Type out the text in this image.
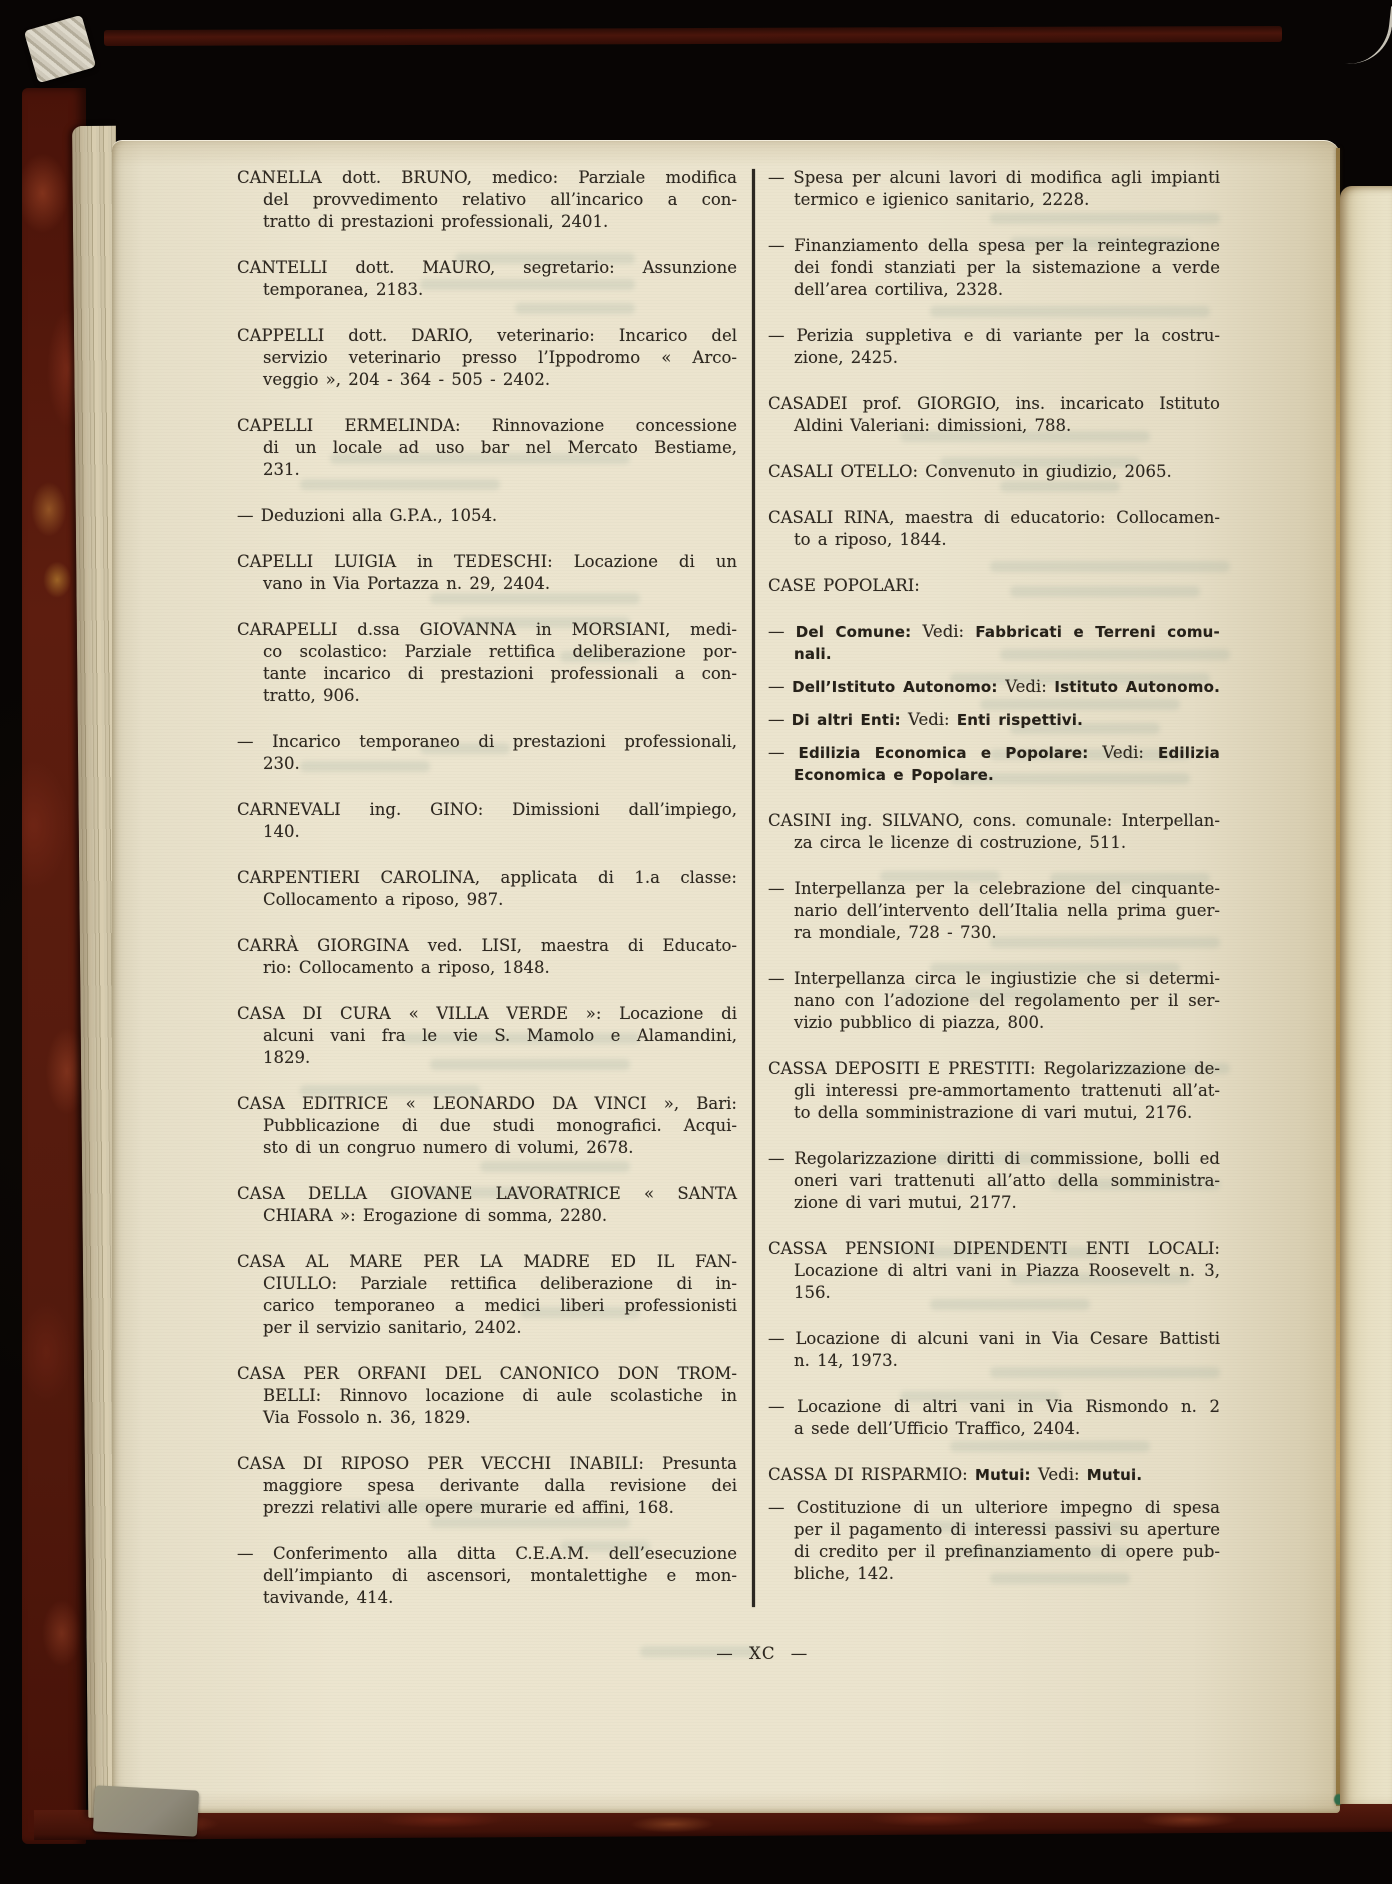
CANELLA dott. BRUNO, medico: Parziale modifica
del provvedimento relativo all’incarico a con-
tratto di prestazioni professionali, 2401.
CANTELLI dott. MAURO, segretario: Assunzione
temporanea, 2183.
CAPPELLI dott. DARIO, veterinario: Incarico del
servizio veterinario presso l’Ippodromo « Arco-
veggio », 204 - 364 - 505 - 2402.
CAPELLI ERMELINDA: Rinnovazione concessione
di un locale ad uso bar nel Mercato Bestiame,
231.
— Deduzioni alla G.P.A., 1054.
CAPELLI LUIGIA in TEDESCHI: Locazione di un
vano in Via Portazza n. 29, 2404.
CARAPELLI d.ssa GIOVANNA in MORSIANI, medi-
co scolastico: Parziale rettifica deliberazione por-
tante incarico di prestazioni professionali a con-
tratto, 906.
— Incarico temporaneo di prestazioni professionali,
230.
CARNEVALI ing. GINO: Dimissioni dall’impiego,
140.
CARPENTIERI CAROLINA, applicata di 1.a classe:
Collocamento a riposo, 987.
CARRÀ GIORGINA ved. LISI, maestra di Educato-
rio: Collocamento a riposo, 1848.
CASA DI CURA « VILLA VERDE »: Locazione di
alcuni vani fra le vie S. Mamolo e Alamandini,
1829.
CASA EDITRICE « LEONARDO DA VINCI », Bari:
Pubblicazione di due studi monografici. Acqui-
sto di un congruo numero di volumi, 2678.
CASA DELLA GIOVANE LAVORATRICE « SANTA
CHIARA »: Erogazione di somma, 2280.
CASA AL MARE PER LA MADRE ED IL FAN-
CIULLO: Parziale rettifica deliberazione di in-
carico temporaneo a medici liberi professionisti
per il servizio sanitario, 2402.
CASA PER ORFANI DEL CANONICO DON TROM-
BELLI: Rinnovo locazione di aule scolastiche in
Via Fossolo n. 36, 1829.
CASA DI RIPOSO PER VECCHI INABILI: Presunta
maggiore spesa derivante dalla revisione dei
prezzi relativi alle opere murarie ed affini, 168.
— Conferimento alla ditta C.E.A.M. dell’esecuzione
dell’impianto di ascensori, montalettighe e mon-
tavivande, 414.
— Spesa per alcuni lavori di modifica agli impianti
termico e igienico sanitario, 2228.
— Finanziamento della spesa per la reintegrazione
dei fondi stanziati per la sistemazione a verde
dell’area cortiliva, 2328.
— Perizia suppletiva e di variante per la costru-
zione, 2425.
CASADEI prof. GIORGIO, ins. incaricato Istituto
Aldini Valeriani: dimissioni, 788.
CASALI OTELLO: Convenuto in giudizio, 2065.
CASALI RINA, maestra di educatorio: Collocamen-
to a riposo, 1844.
CASE POPOLARI:
— Del Comune: Vedi: Fabbricati e Terreni comu-
nali.
— Dell’Istituto Autonomo: Vedi: Istituto Autonomo.
— Di altri Enti: Vedi: Enti rispettivi.
— Edilizia Economica e Popolare: Vedi: Edilizia
Economica e Popolare.
CASINI ing. SILVANO, cons. comunale: Interpellan-
za circa le licenze di costruzione, 511.
— Interpellanza per la celebrazione del cinquante-
nario dell’intervento dell’Italia nella prima guer-
ra mondiale, 728 - 730.
— Interpellanza circa le ingiustizie che si determi-
nano con l’adozione del regolamento per il ser-
vizio pubblico di piazza, 800.
CASSA DEPOSITI E PRESTITI: Regolarizzazione de-
gli interessi pre-ammortamento trattenuti all’at-
to della somministrazione di vari mutui, 2176.
— Regolarizzazione diritti di commissione, bolli ed
oneri vari trattenuti all’atto della somministra-
zione di vari mutui, 2177.
CASSA PENSIONI DIPENDENTI ENTI LOCALI:
Locazione di altri vani in Piazza Roosevelt n. 3,
156.
— Locazione di alcuni vani in Via Cesare Battisti
n. 14, 1973.
— Locazione di altri vani in Via Rismondo n. 2
a sede dell’Ufficio Traffico, 2404.
CASSA DI RISPARMIO: Mutui: Vedi: Mutui.
— Costituzione di un ulteriore impegno di spesa
per il pagamento di interessi passivi su aperture
di credito per il prefinanziamento di opere pub-
bliche, 142.
— XC —
